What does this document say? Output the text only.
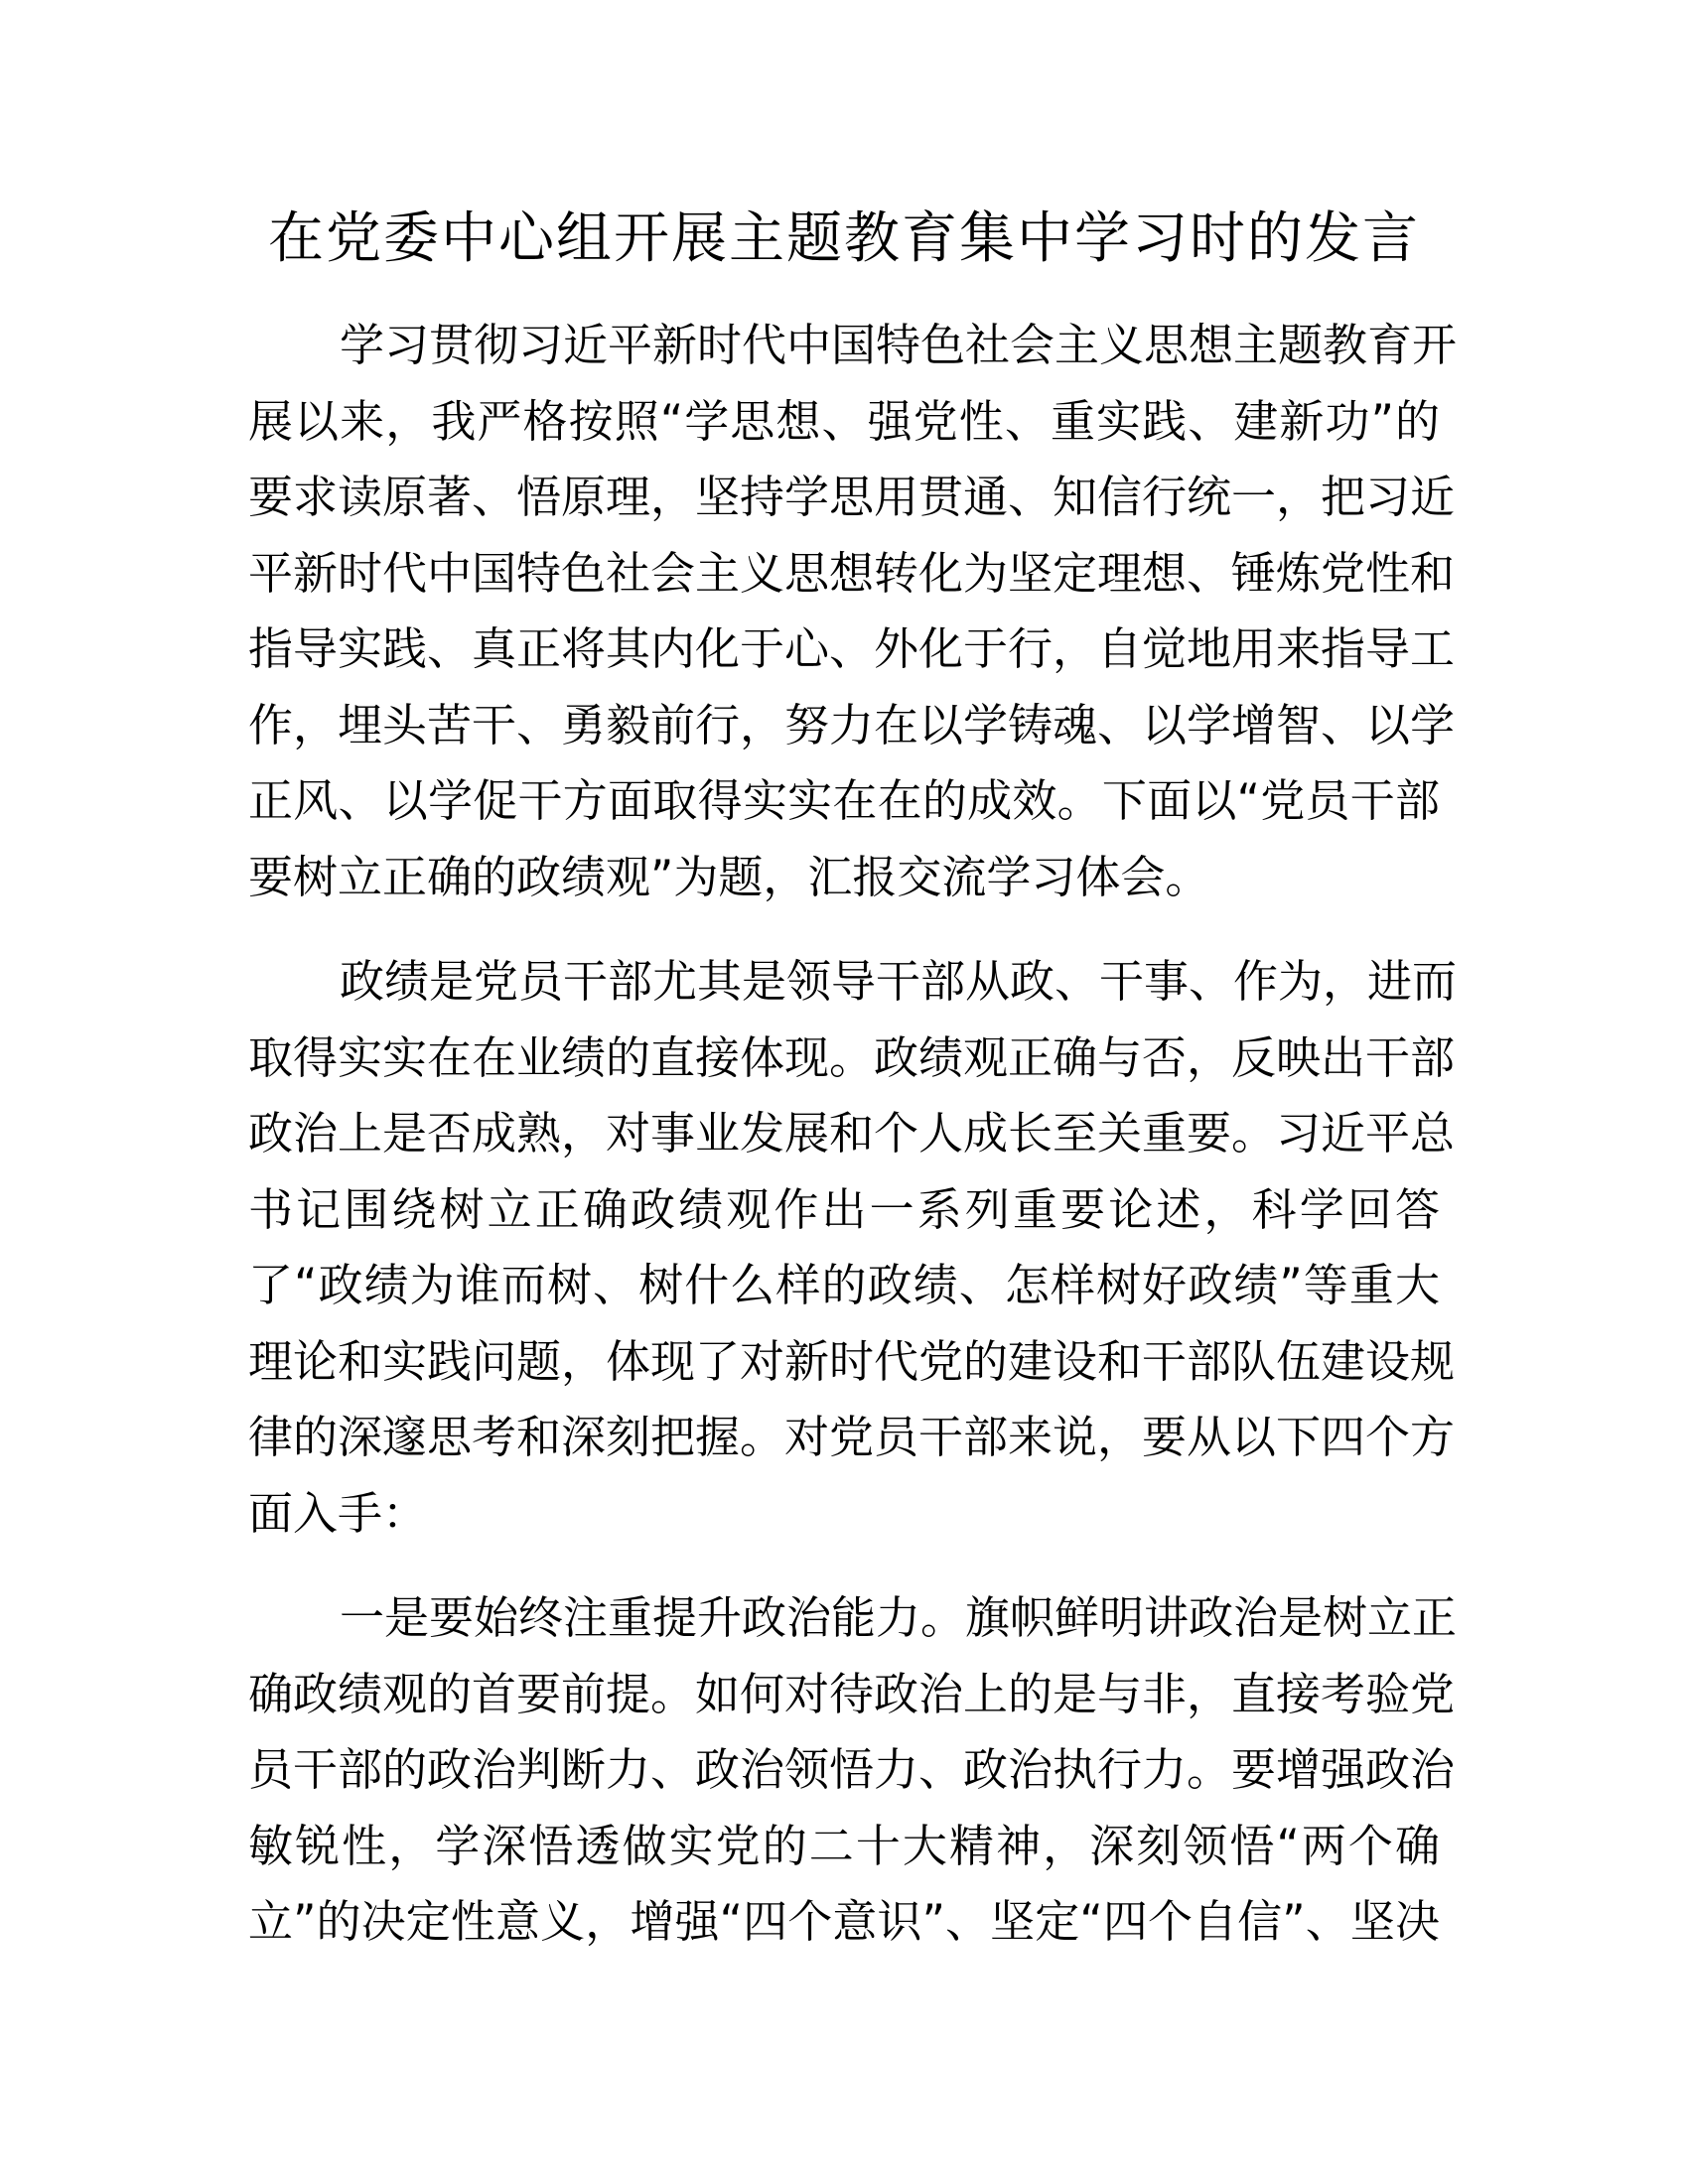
在党委中心组开展主题教育集中学习时的发言
学习贯彻习近平新时代中国特色社会主义思想主题教育开
展以来，我严格按照“学思想、强党性、重实践、建新功”的
要求读原著、悟原理，坚持学思用贯通、知信行统一，把习近
平新时代中国特色社会主义思想转化为坚定理想、锤炼党性和
指导实践、真正将其内化于心、外化于行，自觉地用来指导工
作，埋头苦干、勇毅前行，努力在以学铸魂、以学增智、以学
正风、以学促干方面取得实实在在的成效。下面以“党员干部
要树立正确的政绩观”为题，汇报交流学习体会。
政绩是党员干部尤其是领导干部从政、干事、作为，进而
取得实实在在业绩的直接体现。政绩观正确与否，反映出干部
政治上是否成熟，对事业发展和个人成长至关重要。习近平总
书记围绕树立正确政绩观作出一系列重要论述，科学回答
了“政绩为谁而树、树什么样的政绩、怎样树好政绩”等重大
理论和实践问题，体现了对新时代党的建设和干部队伍建设规
律的深邃思考和深刻把握。对党员干部来说，要从以下四个方
面入手：
一是要始终注重提升政治能力。旗帜鲜明讲政治是树立正
确政绩观的首要前提。如何对待政治上的是与非，直接考验党
员干部的政治判断力、政治领悟力、政治执行力。要增强政治
敏锐性，学深悟透做实党的二十大精神，深刻领悟“两个确
立”的决定性意义，增强“四个意识”、坚定“四个自信”、坚决
